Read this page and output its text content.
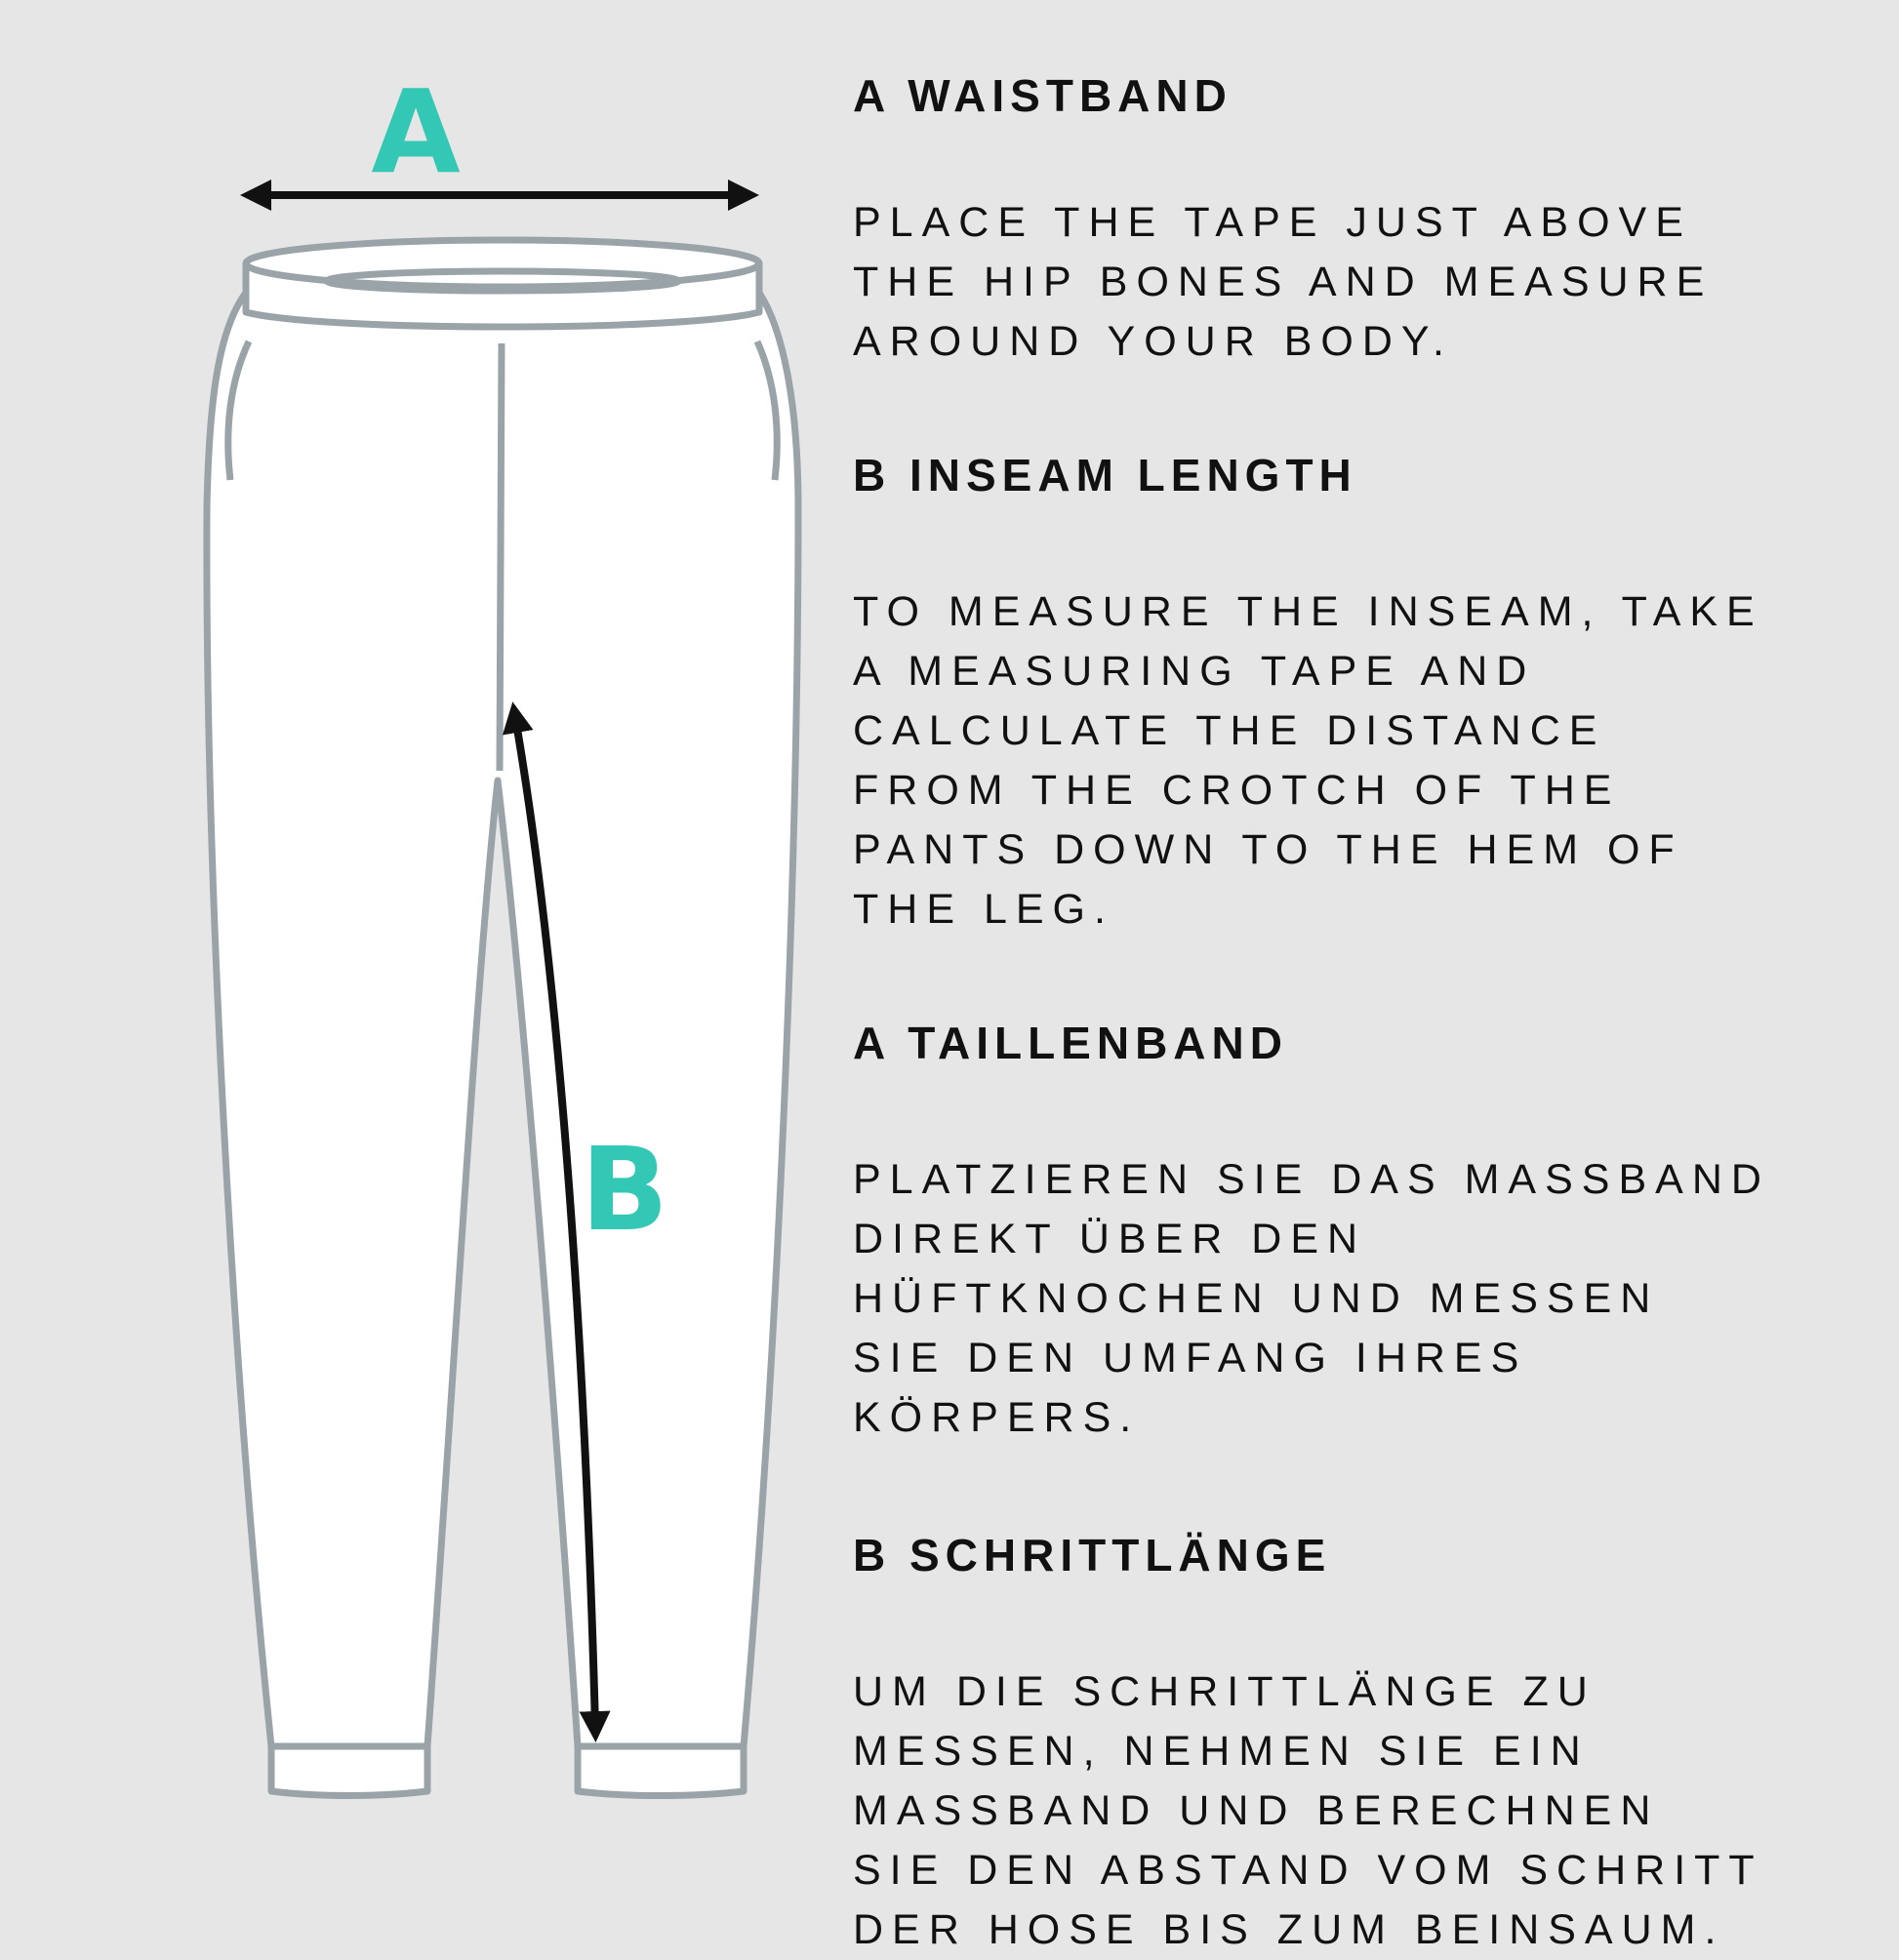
A
B
A WAISTBAND

PLACE THE TAPE JUST ABOVE
THE HIP BONES AND MEASURE
AROUND YOUR BODY.

B INSEAM LENGTH

TO MEASURE THE INSEAM, TAKE
A MEASURING TAPE AND
CALCULATE THE DISTANCE
FROM THE CROTCH OF THE
PANTS DOWN TO THE HEM OF
THE LEG.

A TAILLENBAND

PLATZIEREN SIE DAS MASSBAND
DIREKT ÜBER DEN
HÜFTKNOCHEN UND MESSEN
SIE DEN UMFANG IHRES
KÖRPERS.

B SCHRITTLÄNGE

UM DIE SCHRITTLÄNGE ZU
MESSEN, NEHMEN SIE EIN
MASSBAND UND BERECHNEN
SIE DEN ABSTAND VOM SCHRITT
DER HOSE BIS ZUM BEINSAUM.
